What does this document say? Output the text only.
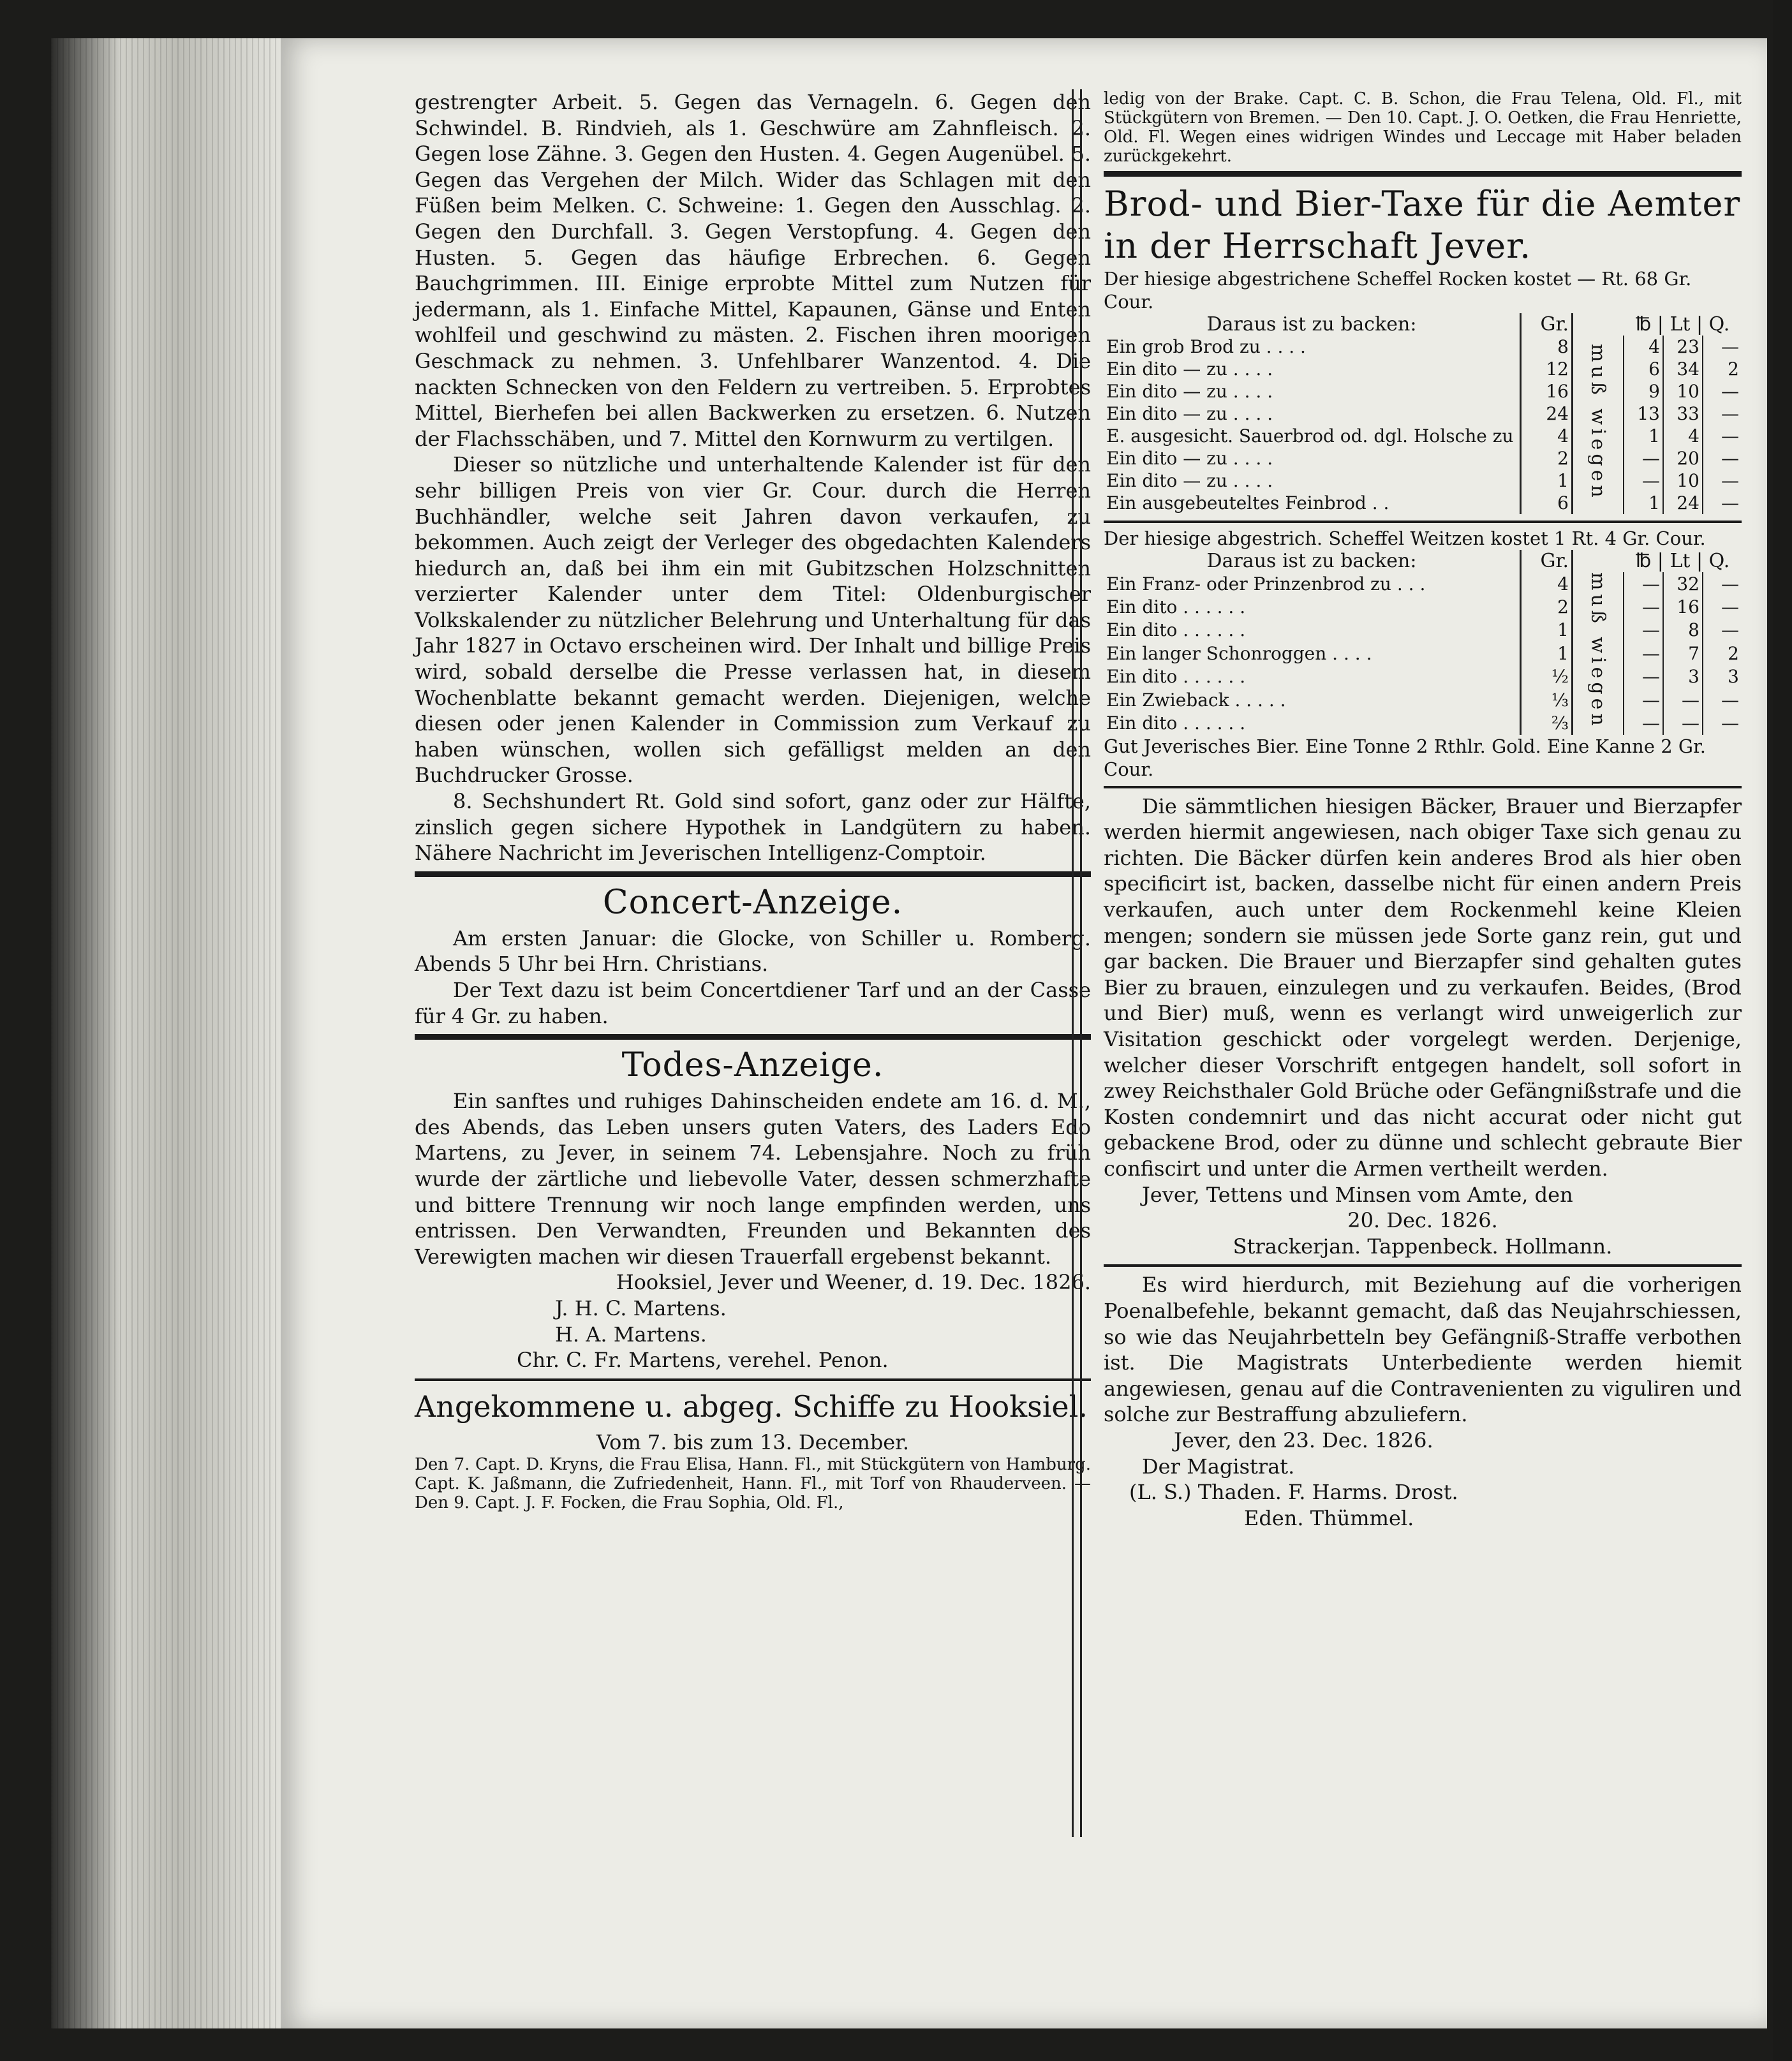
gestrengter Arbeit. 5. Gegen das Vernageln. 6. Gegen den Schwindel. B. Rindvieh, als 1. Geschwüre am Zahnfleisch. 2. Gegen lose Zähne. 3. Gegen den Husten. 4. Gegen Augenübel. 5. Gegen das Vergehen der Milch. Wider das Schlagen mit den Füßen beim Melken. C. Schweine: 1. Gegen den Ausschlag. 2. Gegen den Durchfall. 3. Gegen Verstopfung. 4. Gegen den Husten. 5. Gegen das häufige Erbrechen. 6. Gegen Bauchgrimmen. III. Einige erprobte Mittel zum Nutzen für jedermann, als 1. Einfache Mittel, Kapaunen, Gänse und Enten wohlfeil und geschwind zu mästen. 2. Fischen ihren moorigen Geschmack zu nehmen. 3. Unfehlbarer Wanzentod. 4. Die nackten Schnecken von den Feldern zu vertreiben. 5. Erprobtes Mittel, Bierhefen bei allen Backwerken zu ersetzen. 6. Nutzen der Flachsschäben, und 7. Mittel den Kornwurm zu vertilgen.

Dieser so nützliche und unterhaltende Kalender ist für den sehr billigen Preis von vier Gr. Cour. durch die Herren Buchhändler, welche seit Jahren davon verkaufen, zu bekommen. Auch zeigt der Verleger des obgedachten Kalenders hiedurch an, daß bei ihm ein mit Gubitzschen Holzschnitten verzierter Kalender unter dem Titel: Oldenburgischer Volkskalender zu nützlicher Belehrung und Unterhaltung für das Jahr 1827 in Octavo erscheinen wird. Der Inhalt und billige Preis wird, sobald derselbe die Presse verlassen hat, in diesem Wochenblatte bekannt gemacht werden. Diejenigen, welche diesen oder jenen Kalender in Commission zum Verkauf zu haben wünschen, wollen sich gefälligst melden an den Buchdrucker Grosse.

8. Sechshundert Rt. Gold sind sofort, ganz oder zur Hälfte, zinslich gegen sichere Hypothek in Landgütern zu haben. Nähere Nachricht im Jeverischen Intelligenz-Comptoir.

Concert-Anzeige.

Am ersten Januar: die Glocke, von Schiller u. Romberg. Abends 5 Uhr bei Hrn. Christians.

Der Text dazu ist beim Concertdiener Tarf und an der Casse für 4 Gr. zu haben.

Todes-Anzeige.

Ein sanftes und ruhiges Dahinscheiden endete am 16. d. M., des Abends, das Leben unsers guten Vaters, des Laders Edo Martens, zu Jever, in seinem 74. Lebensjahre. Noch zu früh wurde der zärtliche und liebevolle Vater, dessen schmerzhafte und bittere Trennung wir noch lange empfinden werden, uns entrissen. Den Verwandten, Freunden und Bekannten des Verewigten machen wir diesen Trauerfall ergebenst bekannt.

Hooksiel, Jever und Weener, d. 19. Dec. 1826.

J. H. C. Martens.

H. A. Martens.

Chr. C. Fr. Martens, verehel. Penon.

Angekommene u. abgeg. Schiffe zu Hooksiel.

Vom 7. bis zum 13. December.

Den 7. Capt. D. Kryns, die Frau Elisa, Hann. Fl., mit Stückgütern von Hamburg. Capt. K. Jaßmann, die Zufriedenheit, Hann. Fl., mit Torf von Rhauderveen. — Den 9. Capt. J. F. Focken, die Frau Sophia, Old. Fl.,

ledig von der Brake. Capt. C. B. Schon, die Frau Telena, Old. Fl., mit Stückgütern von Bremen. — Den 10. Capt. J. O. Oetken, die Frau Henriette, Old. Fl. Wegen eines widrigen Windes und Leccage mit Haber beladen zurückgekehrt.

Brod- und Bier-Taxe für die Aemter in der Herrschaft Jever.

Der hiesige abgestrichene Scheffel Rocken kostet — Rt. 68 Gr. Cour.

Daraus ist zu backen:	Gr.		℔ | Lt | Q.		
Ein grob Brod zu . . . .	8	muß wiegen	4	23	—
Ein dito — zu . . . .	12		6	34	2
Ein dito — zu . . . .	16		9	10	—
Ein dito — zu . . . .	24		13	33	—
E. ausgesicht. Sauerbrod od. dgl. Holsche zu	4		1	4	—
Ein dito — zu . . . .	2		—	20	—
Ein dito — zu . . . .	1		—	10	—
Ein ausgebeuteltes Feinbrod . .	6		1	24	—

Der hiesige abgestrich. Scheffel Weitzen kostet 1 Rt. 4 Gr. Cour.

Daraus ist zu backen:	Gr.		℔ | Lt | Q.		
Ein Franz- oder Prinzenbrod zu . . .	4	muß wiegen	—	32	—
Ein dito . . . . . .	2		—	16	—
Ein dito . . . . . .	1		—	8	—
Ein langer Schonroggen . . . .	1		—	7	2
Ein dito . . . . . .	½		—	3	3
Ein Zwieback . . . . .	⅓		—	—	—
Ein dito . . . . . .	⅔		—	—	—

Gut Jeverisches Bier. Eine Tonne 2 Rthlr. Gold. Eine Kanne 2 Gr. Cour.

Die sämmtlichen hiesigen Bäcker, Brauer und Bierzapfer werden hiermit angewiesen, nach obiger Taxe sich genau zu richten. Die Bäcker dürfen kein anderes Brod als hier oben specificirt ist, backen, dasselbe nicht für einen andern Preis verkaufen, auch unter dem Rockenmehl keine Kleien mengen; sondern sie müssen jede Sorte ganz rein, gut und gar backen. Die Brauer und Bierzapfer sind gehalten gutes Bier zu brauen, einzulegen und zu verkaufen. Beides, (Brod und Bier) muß, wenn es verlangt wird unweigerlich zur Visitation geschickt oder vorgelegt werden. Derjenige, welcher dieser Vorschrift entgegen handelt, soll sofort in zwey Reichsthaler Gold Brüche oder Gefängnißstrafe und die Kosten condemnirt und das nicht accurat oder nicht gut gebackene Brod, oder zu dünne und schlecht gebraute Bier confiscirt und unter die Armen vertheilt werden.

Jever, Tettens und Minsen vom Amte, den

20. Dec. 1826.

Strackerjan. Tappenbeck. Hollmann.

Es wird hierdurch, mit Beziehung auf die vorherigen Poenalbefehle, bekannt gemacht, daß das Neujahrschiessen, so wie das Neujahrbetteln bey Gefängniß-Straffe verbothen ist. Die Magistrats Unterbediente werden hiemit angewiesen, genau auf die Contravenienten zu viguliren und solche zur Bestraffung abzuliefern.

Jever, den 23. Dec. 1826.

Der Magistrat.

(L. S.) Thaden. F. Harms. Drost.

Eden. Thümmel.
